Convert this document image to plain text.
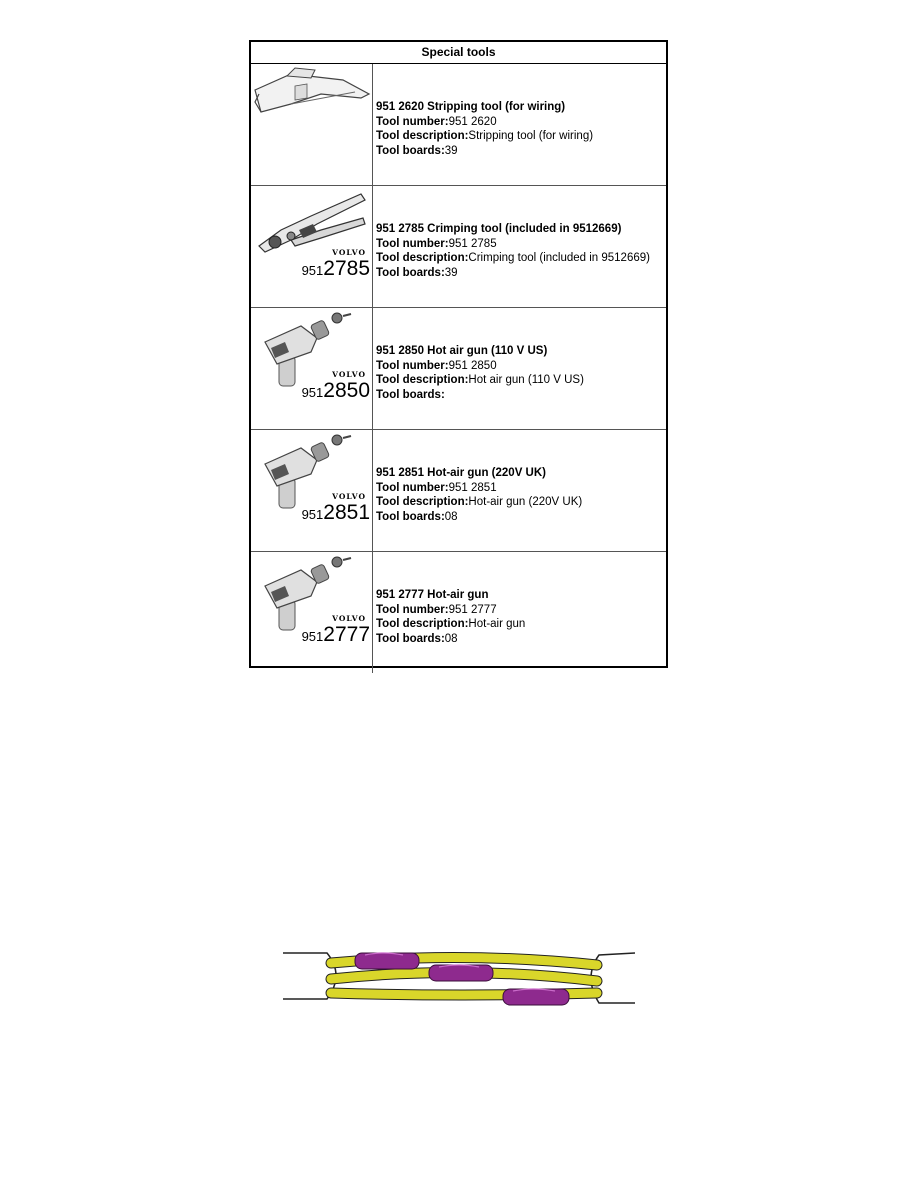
Special tools
951 2620 Stripping tool (for wiring)
Tool number:951 2620
Tool description:Stripping tool (for wiring)
Tool boards:39
VOLVO
9512785
951 2785 Crimping tool (included in 9512669)
Tool number:951 2785
Tool description:Crimping tool (included in 9512669)
Tool boards:39
VOLVO
9512850
951 2850 Hot air gun (110 V US)
Tool number:951 2850
Tool description:Hot air gun (110 V US)
Tool boards:
VOLVO
9512851
951 2851 Hot-air gun (220V UK)
Tool number:951 2851
Tool description:Hot-air gun (220V UK)
Tool boards:08
VOLVO
9512777
951 2777 Hot-air gun
Tool number:951 2777
Tool description:Hot-air gun
Tool boards:08
